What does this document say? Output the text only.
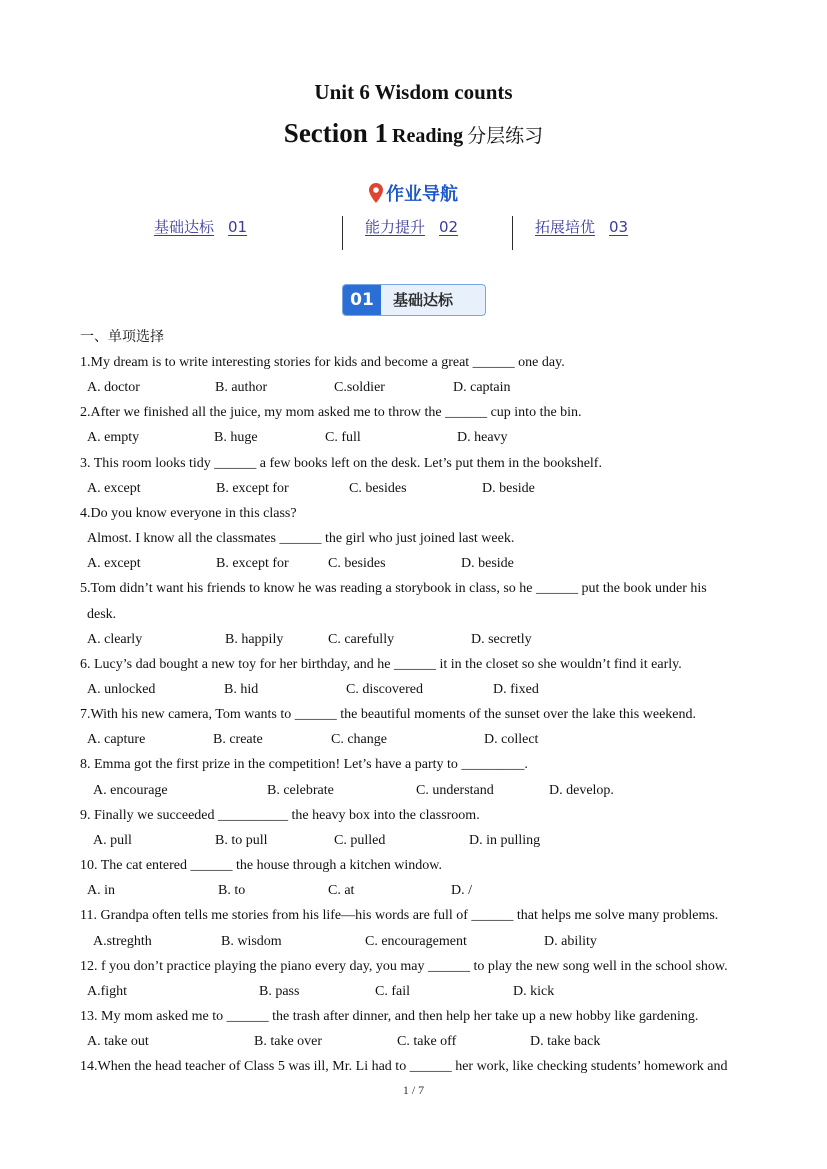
Unit 6 Wisdom counts
Section 1 Reading 分层练习
作业导航
基础达标 01	能力提升 02	拓展培优 03
01	基础达标
一、单项选择
1.My dream is to write interesting stories for kids and become a great ______ one day.
A. doctor	B. author	C.soldier	D. captain
2.After we finished all the juice, my mom asked me to throw the ______ cup into the bin.
A. empty	B. huge	C. full	D. heavy
3. This room looks tidy ______ a few books left on the desk. Let’s put them in the bookshelf.
A. except	B. except for	C. besides	D. beside
4.Do you know everyone in this class?
Almost. I know all the classmates ______ the girl who just joined last week.
A. except	B. except for	C. besides	D. beside
5.Tom didn’t want his friends to know he was reading a storybook in class, so he ______ put the book under his
desk.
A. clearly	B. happily	C. carefully	D. secretly
6. Lucy’s dad bought a new toy for her birthday, and he ______ it in the closet so she wouldn’t find it early.
A. unlocked	B. hid	C. discovered	D. fixed
7.With his new camera, Tom wants to ______ the beautiful moments of the sunset over the lake this weekend.
A. capture	B. create	C. change	D. collect
8. Emma got the first prize in the competition! Let’s have a party to _________.
A. encourage	B. celebrate	C. understand	D. develop.
9. Finally we succeeded __________ the heavy box into the classroom.
A. pull	B. to pull	C. pulled	D. in pulling
10. The cat entered ______ the house through a kitchen window.
A. in	B. to	C. at	D. /
11. Grandpa often tells me stories from his life—his words are full of ______ that helps me solve many problems.
A.streghth	B. wisdom	C. encouragement	D. ability
12. f you don’t practice playing the piano every day, you may ______ to play the new song well in the school show.
A.fight	B. pass	C. fail	D. kick
13. My mom asked me to ______ the trash after dinner, and then help her take up a new hobby like gardening.
A. take out	B. take over	C. take off	D. take back
14.When the head teacher of Class 5 was ill, Mr. Li had to ______ her work, like checking students’ homework and
1 / 7
